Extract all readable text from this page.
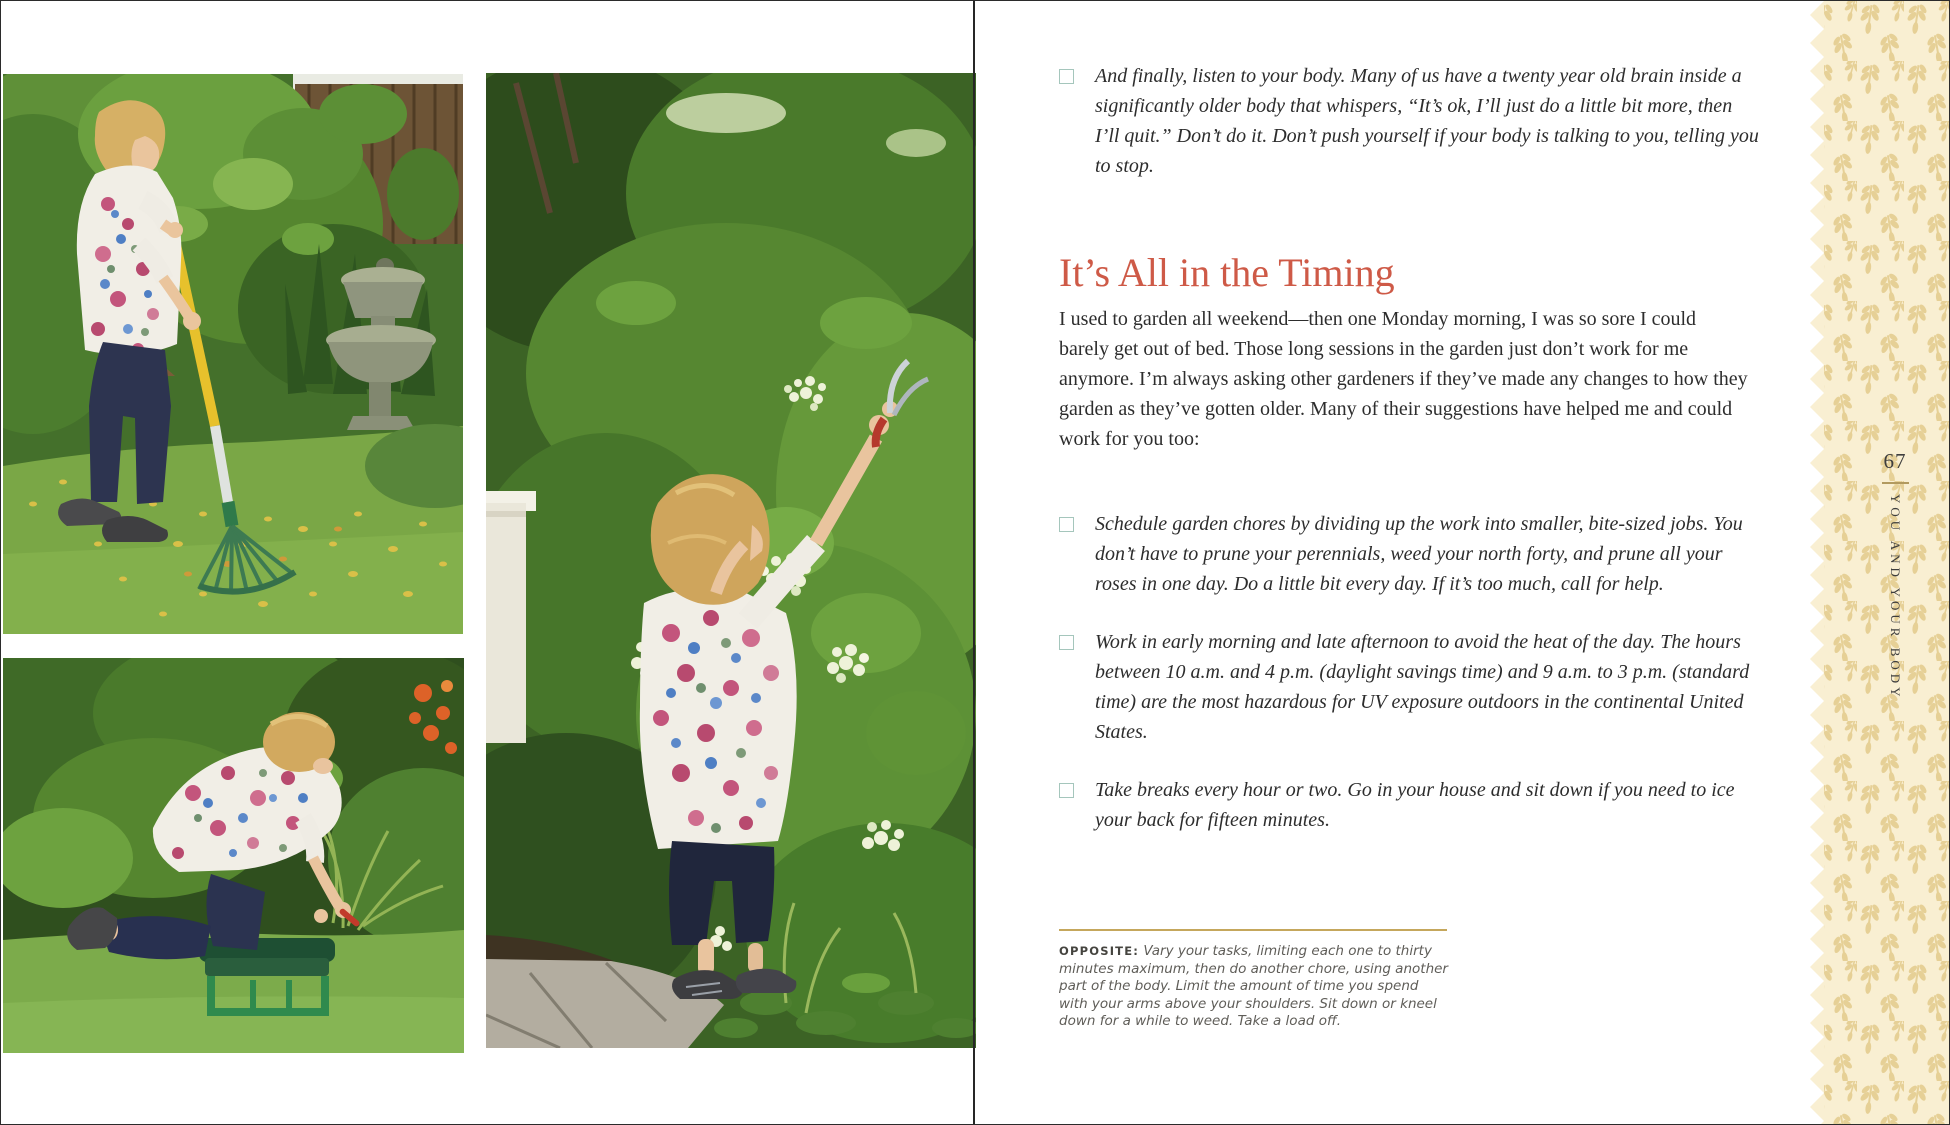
And finally, listen to your body. Many of us have a twenty year old brain inside a significantly older body that whispers, “It’s ok, I’ll just do a little bit more, then I’ll quit.” Don’t do it. Don’t push yourself if your body is talking to you, telling you to stop.

It’s All in the Timing

I used to garden all weekend—then one Monday morning, I was so sore I could barely get out of bed. Those long sessions in the garden just don’t work for me anymore. I’m always asking other gardeners if they’ve made any changes to how they garden as they’ve gotten older. Many of their suggestions have helped me and could work for you too:

Schedule garden chores by dividing up the work into smaller, bite-sized jobs. You don’t have to prune your perennials, weed your north forty, and prune all your roses in one day. Do a little bit every day. If it’s too much, call for help.

Work in early morning and late afternoon to avoid the heat of the day. The hours between 10 a.m. and 4 p.m. (daylight savings time) and 9 a.m. to 3 p.m. (standard time) are the most hazardous for UV exposure outdoors in the continental United States.

Take breaks every hour or two. Go in your house and sit down if you need to ice your back for fifteen minutes.

OPPOSITE: Vary your tasks, limiting each one to thirty minutes maximum, then do another chore, using another part of the body. Limit the amount of time you spend with your arms above your shoulders. Sit down or kneel down for a while to weed. Take a load off.

67
YOU AND YOUR BODY
